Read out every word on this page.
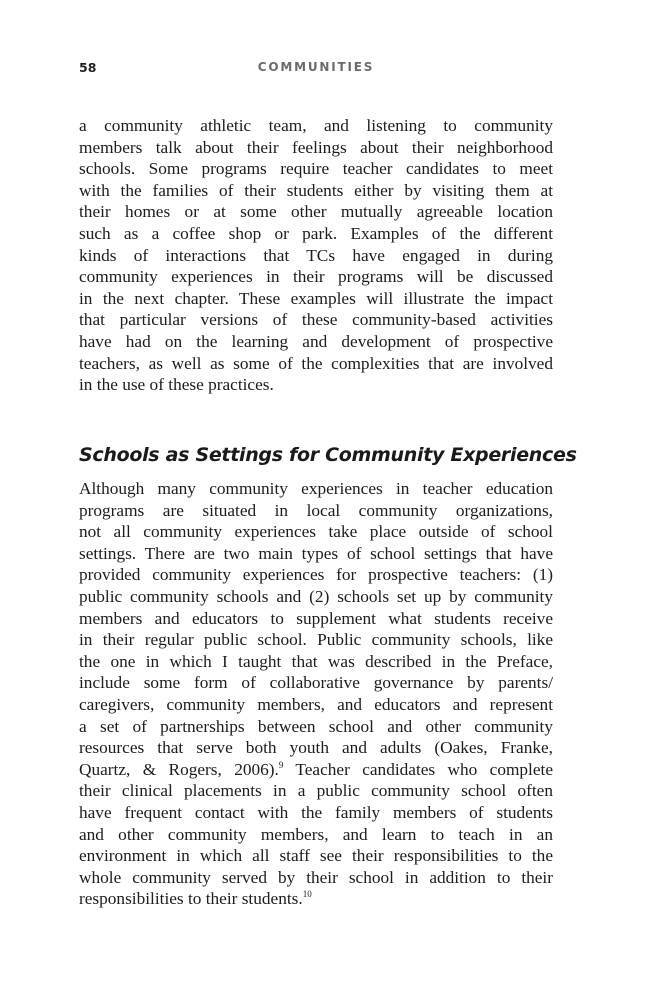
58	COMMUNITIES
a community athletic team, and listening to community
members talk about their feelings about their neighborhood
schools. Some programs require teacher candidates to meet
with the families of their students either by visiting them at
their homes or at some other mutually agreeable location
such as a coffee shop or park. Examples of the different
kinds of interactions that TCs have engaged in during
community experiences in their programs will be discussed
in the next chapter. These examples will illustrate the impact
that particular versions of these community-based activities
have had on the learning and development of prospective
teachers, as well as some of the complexities that are involved
in the use of these practices.
Schools as Settings for Community Experiences
Although many community experiences in teacher education
programs are situated in local community organizations,
not all community experiences take place outside of school
settings. There are two main types of school settings that have
provided community experiences for prospective teachers: (1)
public community schools and (2) schools set up by community
members and educators to supplement what students receive
in their regular public school. Public community schools, like
the one in which I taught that was described in the Preface,
include some form of collaborative governance by parents/
caregivers, community members, and educators and represent
a set of partnerships between school and other community
resources that serve both youth and adults (Oakes, Franke,
Quartz, & Rogers, 2006).$^9$ Teacher candidates who complete
their clinical placements in a public community school often
have frequent contact with the family members of students
and other community members, and learn to teach in an
environment in which all staff see their responsibilities to the
whole community served by their school in addition to their
responsibilities to their students.$^{10}$
